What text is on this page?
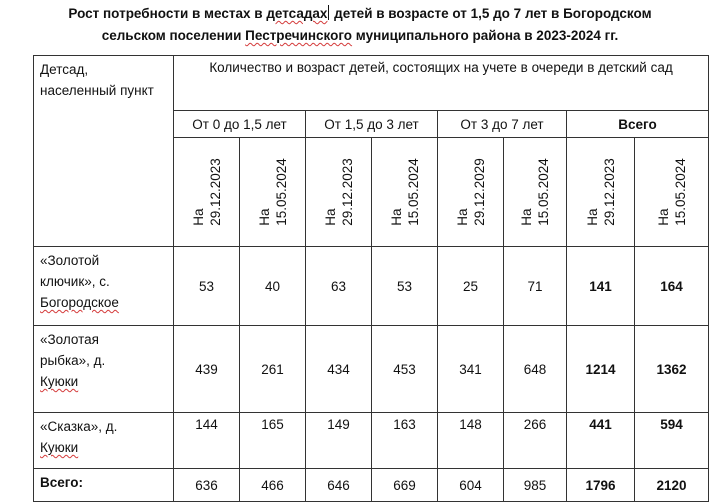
Рост потребности в местах в детсадах детей в возрасте от 1,5 до 7 лет в Богородском
сельском поселении Пестречинского муниципального района в 2023-2024 гг.
Детсад, населенный пункт	Количество и возраст детей, состоящих на учете в очереди в детский сад							
	От 0 до 1,5 лет		От 1,5 до 3 лет		От 3 до 7 лет		Всего	

	На 29.12.2023	На 15.05.2024	На 29.12.2023	На 15.05.2024	На 29.12.2029	На 15.05.2024	На 29.12.2023	На 15.05.2024

«Золотой
ключик», с.
Богородское	53	40	63	53	25	71	141	164

«Золотая
рыбка», д.
Куюки	439	261	434	453	341	648	1214	1362

«Сказка», д.
Куюки	144	165	149	163	148	266	441	594
Всего:	636	466	646	669	604	985	1796	2120
